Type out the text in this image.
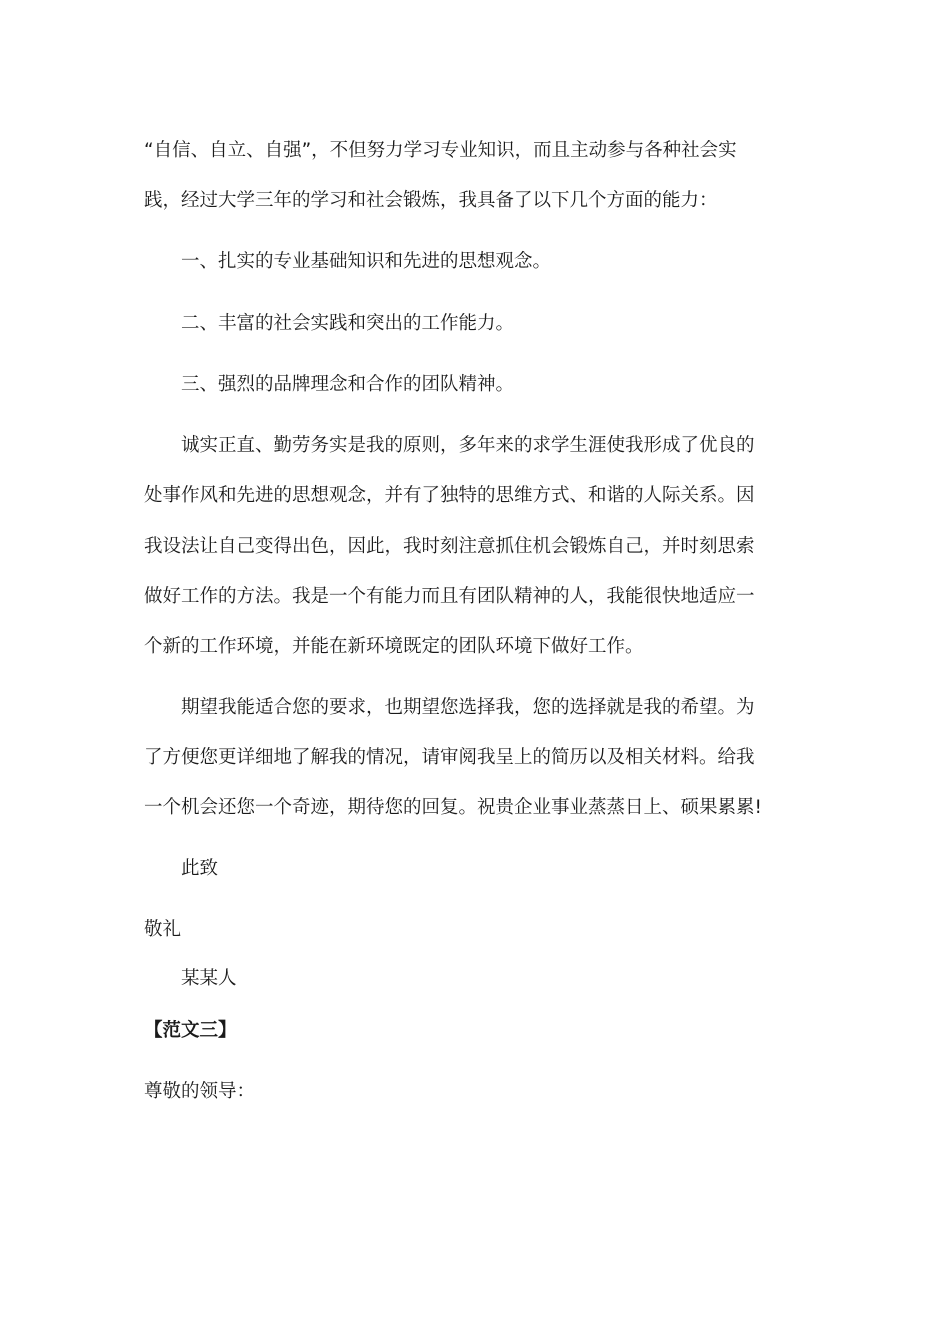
“自信、自立、自强”，不但努力学习专业知识，而且主动参与各种社会实
践，经过大学三年的学习和社会锻炼，我具备了以下几个方面的能力：
一、扎实的专业基础知识和先进的思想观念。
二、丰富的社会实践和突出的工作能力。
三、强烈的品牌理念和合作的团队精神。
诚实正直、勤劳务实是我的原则，多年来的求学生涯使我形成了优良的
处事作风和先进的思想观念，并有了独特的思维方式、和谐的人际关系。因
我设法让自己变得出色，因此，我时刻注意抓住机会锻炼自己，并时刻思索
做好工作的方法。我是一个有能力而且有团队精神的人，我能很快地适应一
个新的工作环境，并能在新环境既定的团队环境下做好工作。
期望我能适合您的要求，也期望您选择我，您的选择就是我的希望。为
了方便您更详细地了解我的情况，请审阅我呈上的简历以及相关材料。给我
一个机会还您一个奇迹，期待您的回复。祝贵企业事业蒸蒸日上、硕果累累!
此致
敬礼
某某人
【范文三】
尊敬的领导：
